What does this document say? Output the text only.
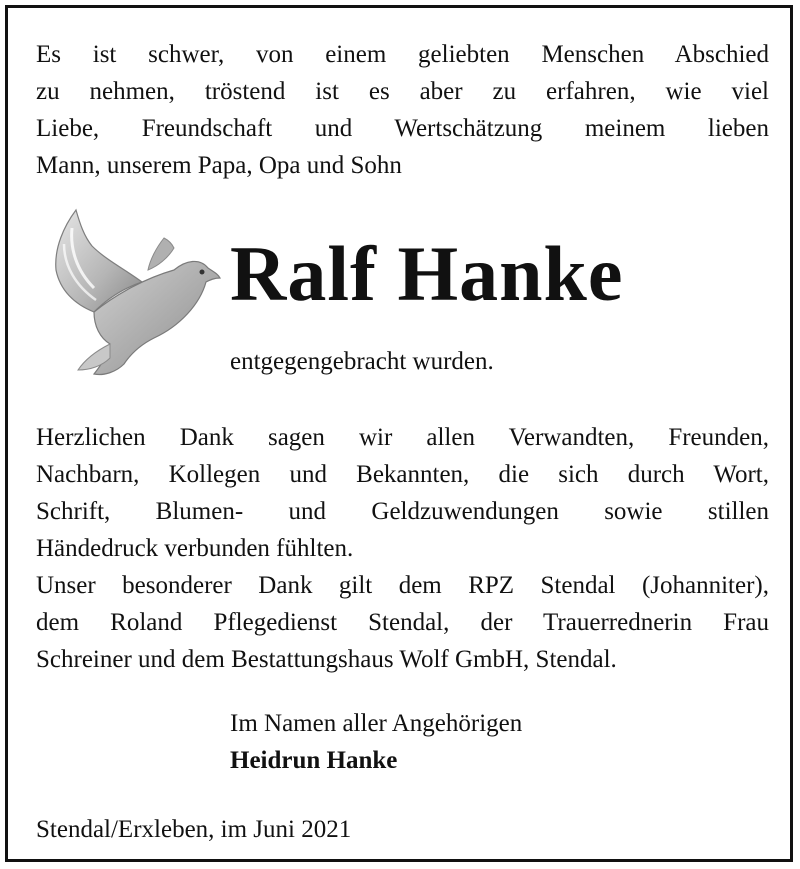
Es ist schwer, von einem geliebten Menschen Abschied
zu nehmen, tröstend ist es aber zu erfahren, wie viel
Liebe, Freundschaft und Wertschätzung meinem lieben
Mann, unserem Papa, Opa und Sohn
Ralf Hanke
entgegengebracht wurden.
Herzlichen Dank sagen wir allen Verwandten, Freunden,
Nachbarn, Kollegen und Bekannten, die sich durch Wort,
Schrift, Blumen- und Geldzuwendungen sowie stillen
Händedruck verbunden fühlten.
Unser besonderer Dank gilt dem RPZ Stendal (Johanniter),
dem Roland Pflegedienst Stendal, der Trauerrednerin Frau
Schreiner und dem Bestattungshaus Wolf GmbH, Stendal.
Im Namen aller Angehörigen
Heidrun Hanke
Stendal/Erxleben, im Juni 2021
